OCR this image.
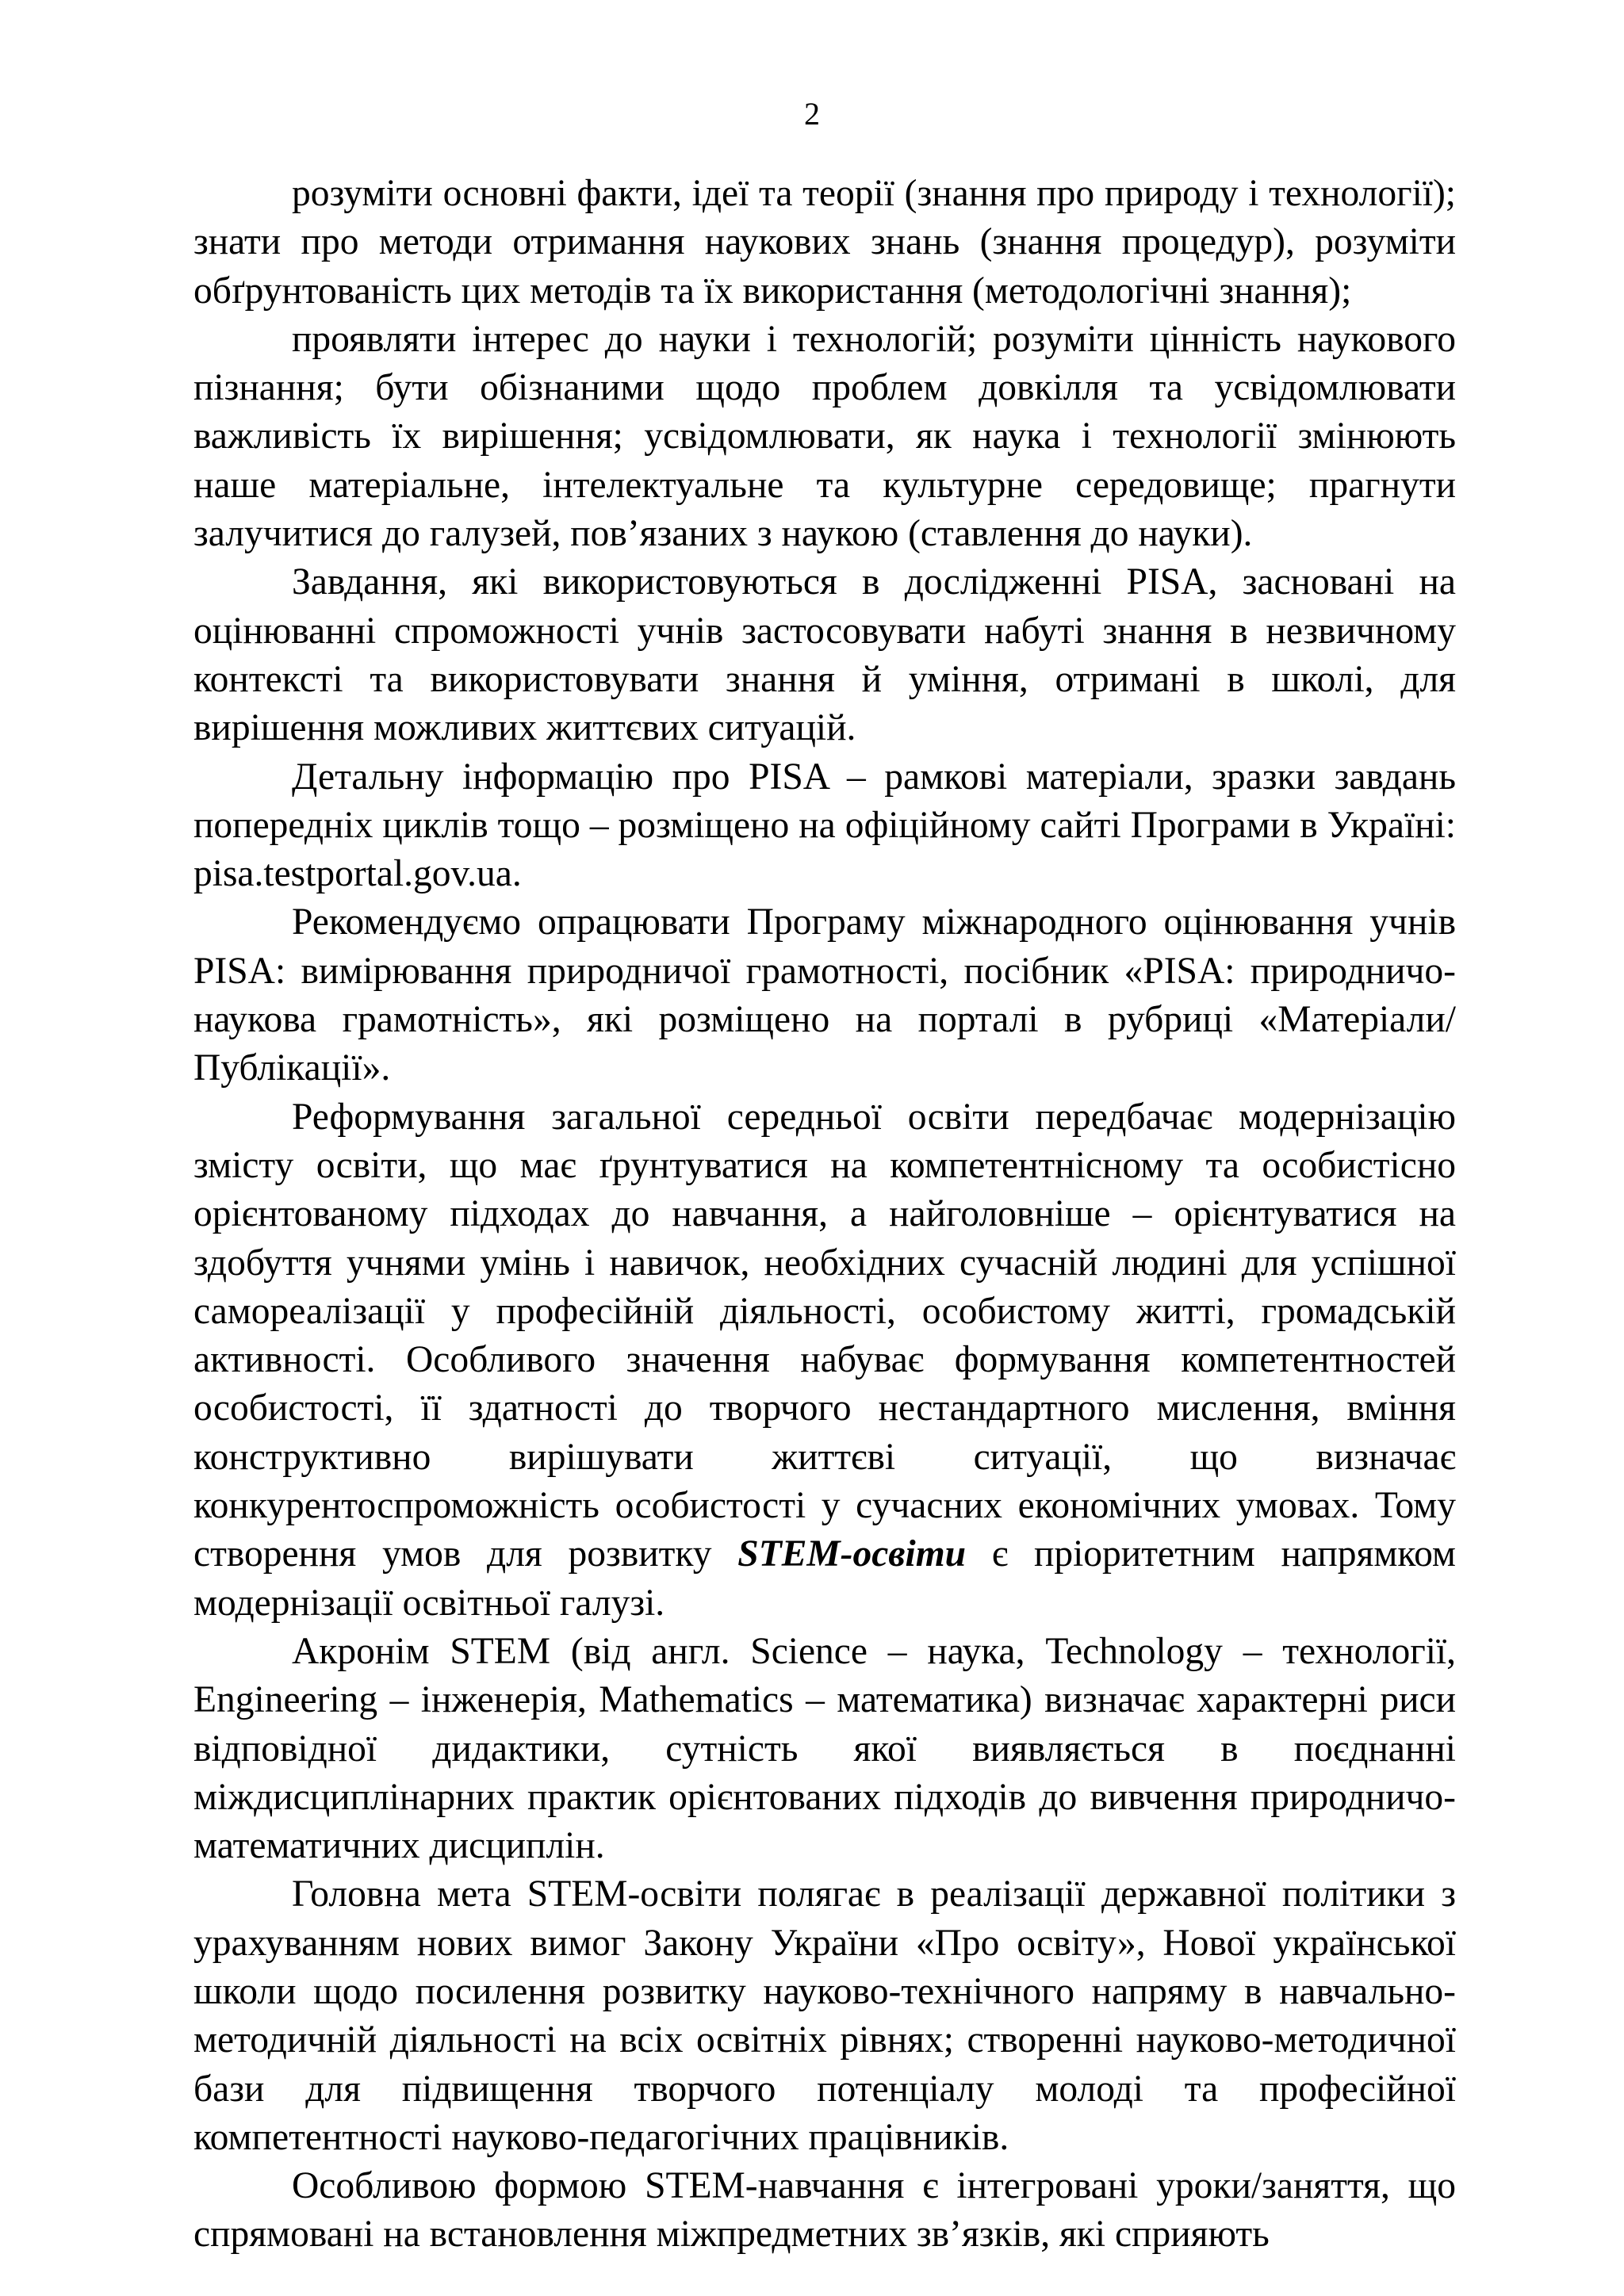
2

розуміти основні факти, ідеї та теорії (знання про природу і технології); знати про методи отримання наукових знань (знання процедур), розуміти обґрунтованість цих методів та їх використання (методологічні знання);

проявляти інтерес до науки і технологій; розуміти цінність наукового пізнання; бути обізнаними щодо проблем довкілля та усвідомлювати важливість їх вирішення; усвідомлювати, як наука і технології змінюють наше матеріальне, інтелектуальне та культурне середовище; прагнути залучитися до галузей, пов’язаних з наукою (ставлення до науки).

Завдання, які використовуються в дослідженні PISA, засновані на оцінюванні спроможності учнів застосовувати набуті знання в незвичному контексті та використовувати знання й уміння, отримані в школі, для вирішення можливих життєвих ситуацій.

Детальну інформацію про PISA – рамкові матеріали, зразки завдань попередніх циклів тощо – розміщено на офіційному сайті Програми в Україні: pisa.testportal.gov.ua.

Рекомендуємо опрацювати Програму міжнародного оцінювання учнів PISA: вимірювання природничої грамотності, посібник «PISA: природничо-наукова грамотність», які розміщено на порталі в рубриці «Матеріали/Публікації».

Реформування загальної середньої освіти передбачає модернізацію змісту освіти, що має ґрунтуватися на компетентнісному та особистісно орієнтованому підходах до навчання, а найголовніше – орієнтуватися на здобуття учнями умінь і навичок, необхідних сучасній людині для успішної самореалізації у професійній діяльності, особистому житті, громадській активності. Особливого значення набуває формування компетентностей особистості, її здатності до творчого нестандартного мислення, вміння конструктивно вирішувати життєві ситуації, що визначає конкурентоспроможність особистості у сучасних економічних умовах. Тому створення умов для розвитку STEM-освіти є пріоритетним напрямком модернізації освітньої галузі.

Акронім STEM (від англ. Science – наука, Technology – технології, Engineering – інженерія, Mathematics – математика) визначає характерні риси відповідної дидактики, сутність якої виявляється в поєднанні міждисциплінарних практик орієнтованих підходів до вивчення природничо-математичних дисциплін.

Головна мета STEM-освіти полягає в реалізації державної політики з урахуванням нових вимог Закону України «Про освіту», Нової української школи щодо посилення розвитку науково-технічного напряму в навчально-методичній діяльності на всіх освітніх рівнях; створенні науково-методичної бази для підвищення творчого потенціалу молоді та професійної компетентності науково-педагогічних працівників.

Особливою формою STEM-навчання є інтегровані уроки/заняття, що спрямовані на встановлення міжпредметних зв’язків, які сприяють
